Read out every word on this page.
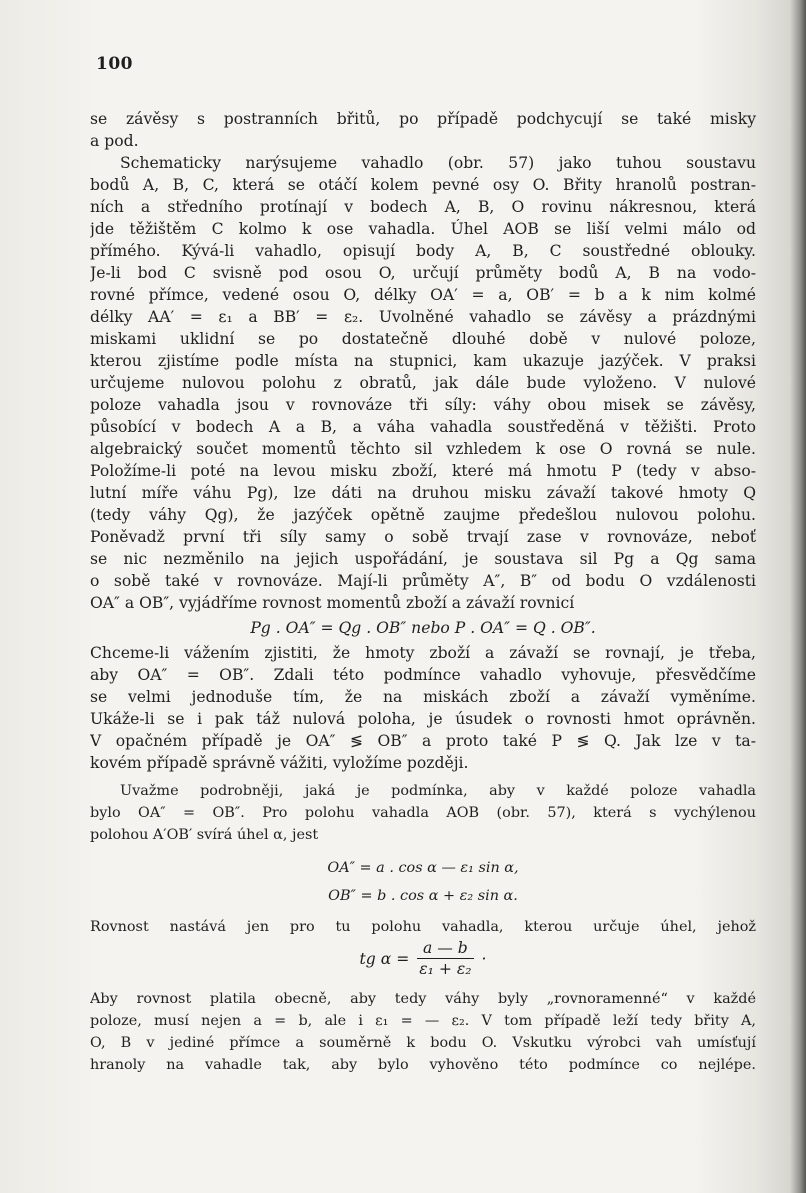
100
se závěsy s postranních břitů, po případě podchycují se také misky
a pod.
Schematicky narýsujeme vahadlo (obr. 57) jako tuhou soustavu
bodů A, B, C, která se otáčí kolem pevné osy O. Břity hranolů postran-
ních a středního protínají v bodech A, B, O rovinu nákresnou, která
jde těžištěm C kolmo k ose vahadla. Úhel AOB se liší velmi málo od
přímého. Kývá-li vahadlo, opisují body A, B, C soustředné oblouky.
Je-li bod C svisně pod osou O, určují průměty bodů A, B na vodo-
rovné přímce, vedené osou O, délky OA′ = a, OB′ = b a k nim kolmé
délky AA′ = ε₁ a BB′ = ε₂. Uvolněné vahadlo se závěsy a prázdnými
miskami uklidní se po dostatečně dlouhé době v nulové poloze,
kterou zjistíme podle místa na stupnici, kam ukazuje jazýček. V praksi
určujeme nulovou polohu z obratů, jak dále bude vyloženo. V nulové
poloze vahadla jsou v rovnováze tři síly: váhy obou misek se závěsy,
působící v bodech A a B, a váha vahadla soustředěná v těžišti. Proto
algebraický součet momentů těchto sil vzhledem k ose O rovná se nule.
Položíme-li poté na levou misku zboží, které má hmotu P (tedy v abso-
lutní míře váhu Pg), lze dáti na druhou misku závaží takové hmoty Q
(tedy váhy Qg), že jazýček opětně zaujme předešlou nulovou polohu.
Poněvadž první tři síly samy o sobě trvají zase v rovnováze, neboť
se nic nezměnilo na jejich uspořádání, je soustava sil Pg a Qg sama
o sobě také v rovnováze. Mají-li průměty A″, B″ od bodu O vzdálenosti
OA″ a OB″, vyjádříme rovnost momentů zboží a závaží rovnicí
Pg . OA″ = Qg . OB″ nebo P . OA″ = Q . OB″.
Chceme-li vážením zjistiti, že hmoty zboží a závaží se rovnají, je třeba,
aby OA″ = OB″. Zdali této podmínce vahadlo vyhovuje, přesvědčíme
se velmi jednoduše tím, že na miskách zboží a závaží vyměníme.
Ukáže-li se i pak táž nulová poloha, je úsudek o rovnosti hmot oprávněn.
V opačném případě je OA″ ≶ OB″ a proto také P ≶ Q. Jak lze v ta-
kovém případě správně vážiti, vyložíme později.
Uvažme podrobněji, jaká je podmínka, aby v každé poloze vahadla
bylo OA″ = OB″. Pro polohu vahadla AOB (obr. 57), která s vychýlenou
polohou A′OB′ svírá úhel α, jest
OA″ = a . cos α — ε₁ sin α,
OB″ = b . cos α + ε₂ sin α.
Rovnost nastává jen pro tu polohu vahadla, kterou určuje úhel, jehož
tg $\alpha = \frac{a — b}{\text{ε₁ + ε₂}}$ ·
Aby rovnost platila obecně, aby tedy váhy byly „rovnoramenné“ v každé
poloze, musí nejen a = b, ale i ε₁ = — ε₂. V tom případě leží tedy břity A,
O, B v jediné přímce a souměrně k bodu O. Vskutku výrobci vah umísťují
hranoly na vahadle tak, aby bylo vyhověno této podmínce co nejlépe.
